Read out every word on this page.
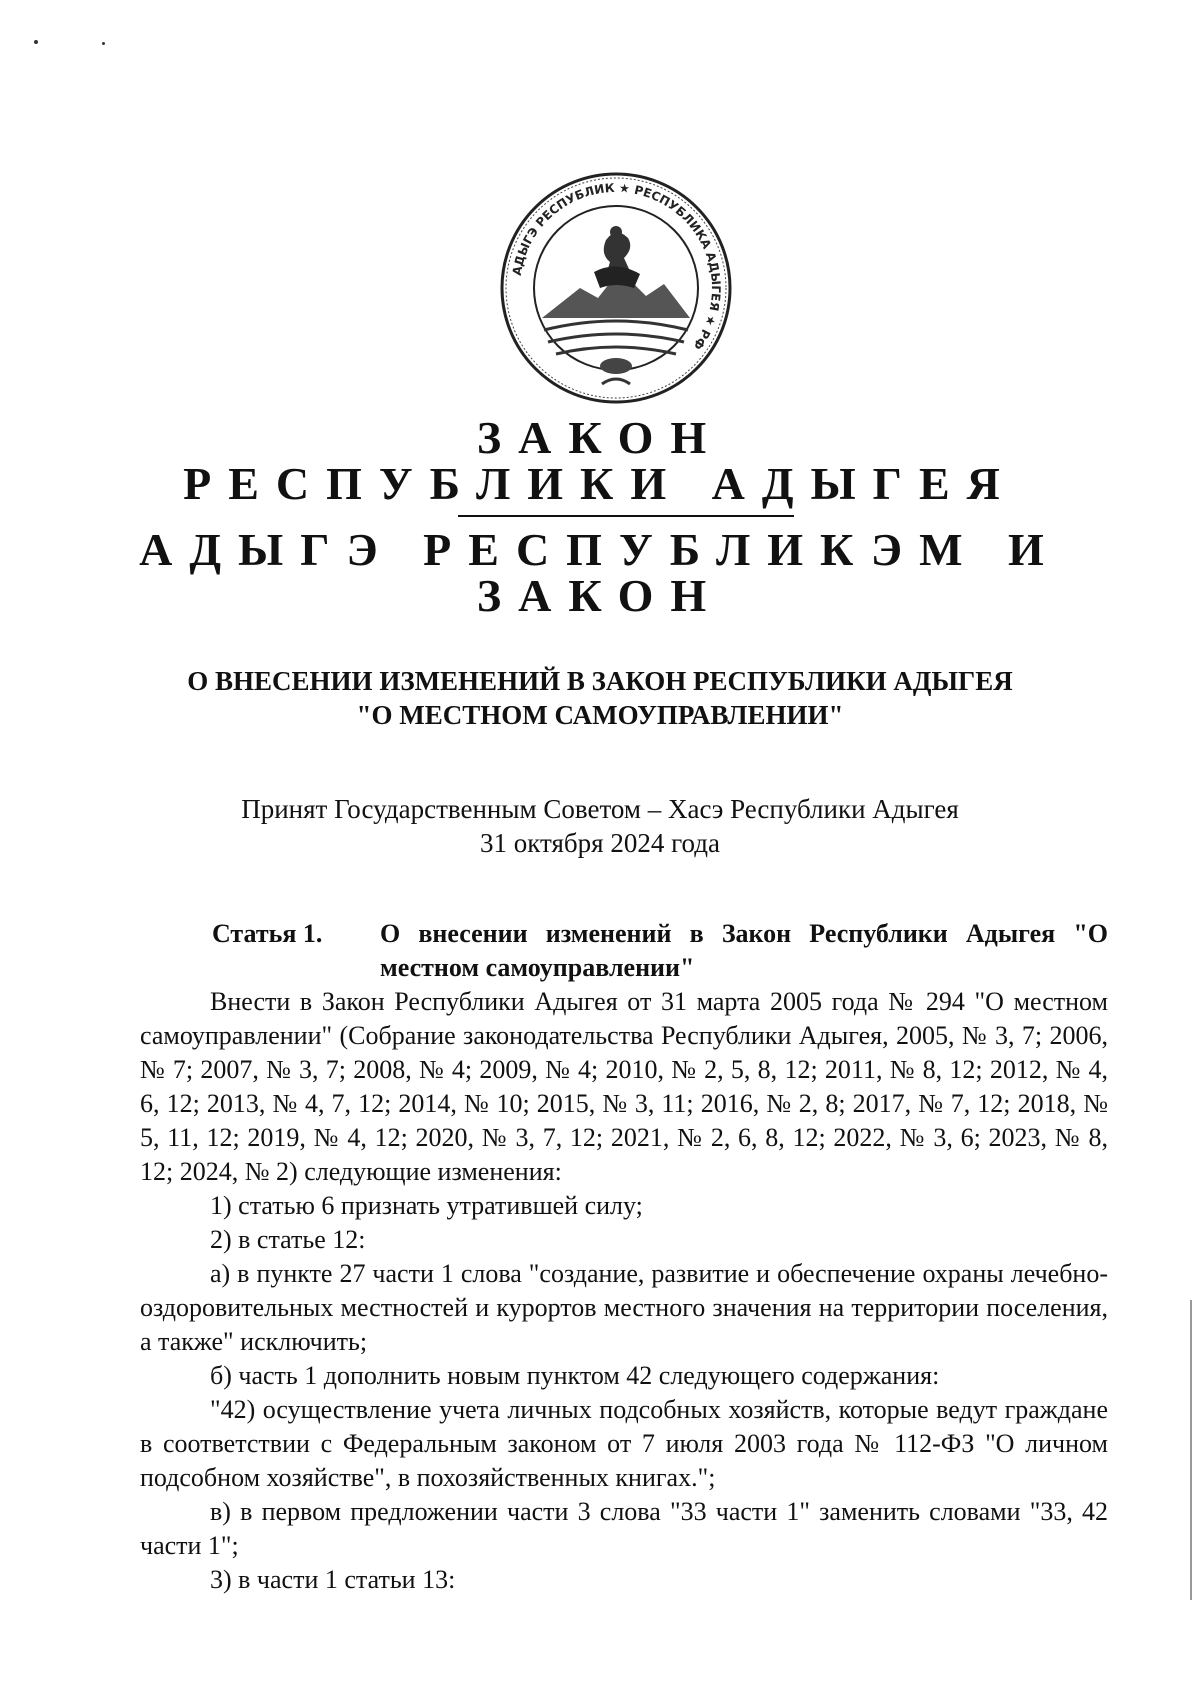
АДЫГЭ РЕСПУБЛИК ★ РЕСПУБЛИКА АДЫГЕЯ ★ РФ
ЗАКОН
РЕСПУБЛИКИ АДЫГЕЯ
АДЫГЭ РЕСПУБЛИКЭМ И
ЗАКОН
О ВНЕСЕНИИ ИЗМЕНЕНИЙ В ЗАКОН РЕСПУБЛИКИ АДЫГЕЯ
"О МЕСТНОМ САМОУПРАВЛЕНИИ"
Принят Государственным Советом – Хасэ Республики Адыгея
31 октября 2024 года
Статья 1. О внесении изменений в Закон Республики Адыгея "О местном самоуправлении"

Внести в Закон Республики Адыгея от 31 марта 2005 года № 294 "О местном самоуправлении" (Собрание законодательства Республики Адыгея, 2005, № 3, 7; 2006, № 7; 2007, № 3, 7; 2008, № 4; 2009, № 4; 2010, № 2, 5, 8, 12; 2011, № 8, 12; 2012, № 4, 6, 12; 2013, № 4, 7, 12; 2014, № 10; 2015, № 3, 11; 2016, № 2, 8; 2017, № 7, 12; 2018, № 5, 11, 12; 2019, № 4, 12; 2020, № 3, 7, 12; 2021, № 2, 6, 8, 12; 2022, № 3, 6; 2023, № 8, 12; 2024, № 2) следующие изменения:

1) статью 6 признать утратившей силу;

2) в статье 12:

а) в пункте 27 части 1 слова "создание, развитие и обеспечение охраны лечебно-оздоровительных местностей и курортов местного значения на территории поселения, а также" исключить;

б) часть 1 дополнить новым пунктом 42 следующего содержания:

"42) осуществление учета личных подсобных хозяйств, которые ведут граждане в соответствии с Федеральным законом от 7 июля 2003 года № 112-ФЗ "О личном подсобном хозяйстве", в похозяйственных книгах.";

в) в первом предложении части 3 слова "33 части 1" заменить словами "33, 42 части 1";

3) в части 1 статьи 13:
